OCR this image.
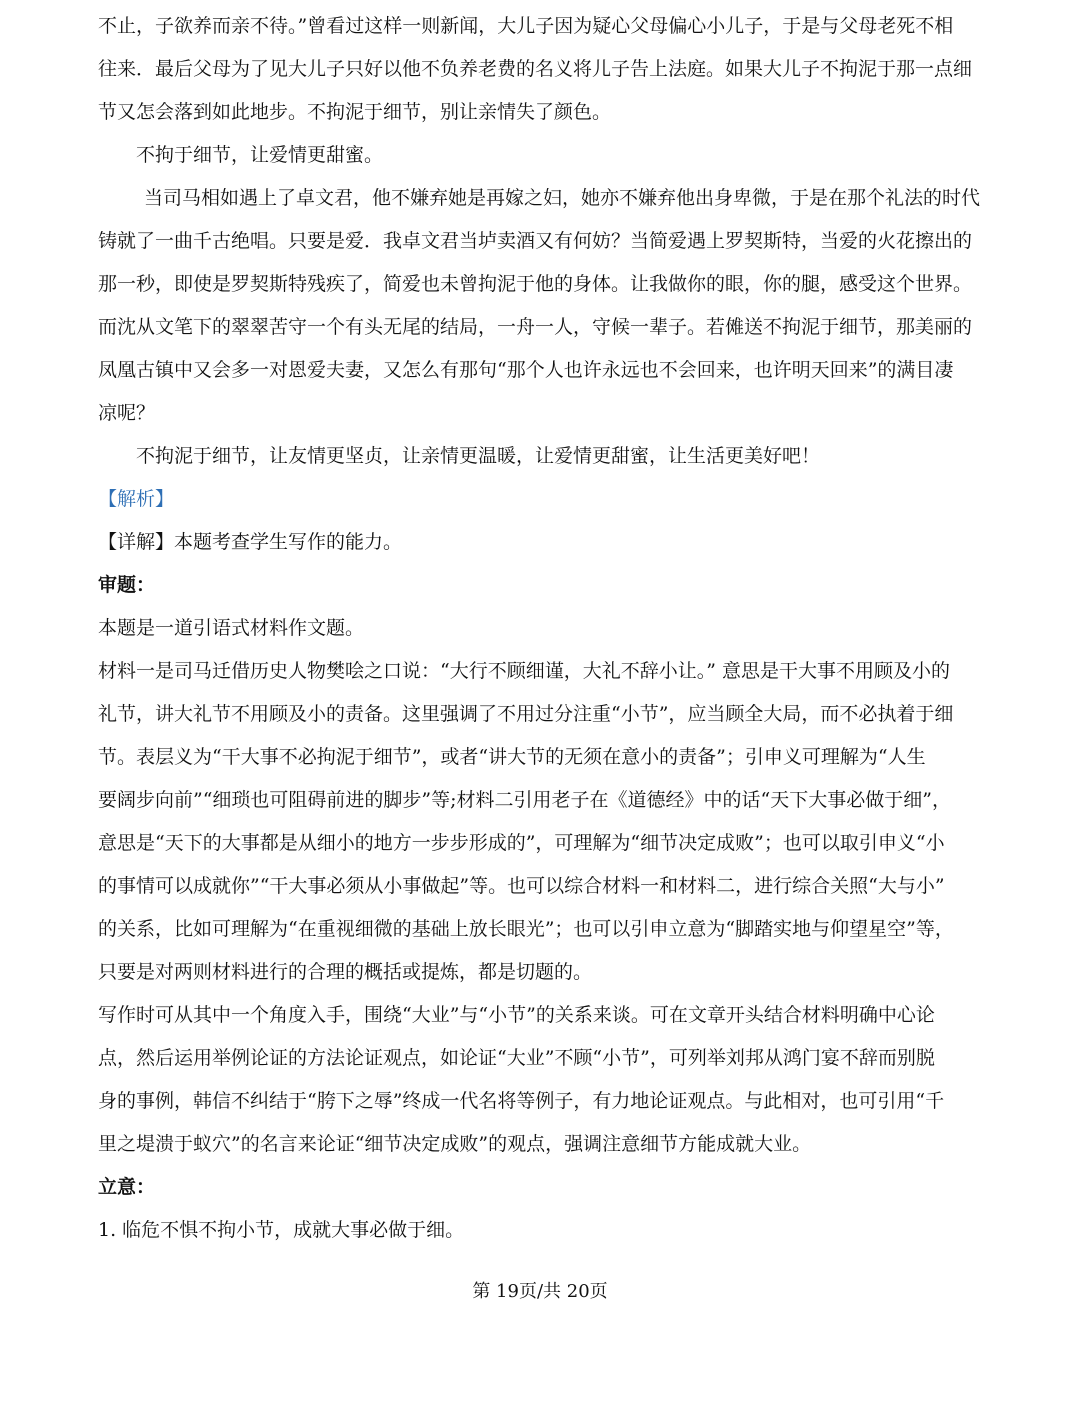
不止，子欲养而亲不待。”曾看过这样一则新闻，大儿子因为疑心父母偏心小儿子，于是与父母老死不相
往来．最后父母为了见大儿子只好以他不负养老费的名义将儿子告上法庭。如果大儿子不拘泥于那一点细
节又怎会落到如此地步。不拘泥于细节，别让亲情失了颜色。
不拘于细节，让爱情更甜蜜。
当司马相如遇上了卓文君，他不嫌弃她是再嫁之妇，她亦不嫌弃他出身卑微，于是在那个礼法的时代
铸就了一曲千古绝唱。只要是爱．我卓文君当垆卖酒又有何妨？当简爱遇上罗契斯特，当爱的火花擦出的
那一秒，即使是罗契斯特残疾了，简爱也未曾拘泥于他的身体。让我做你的眼，你的腿，感受这个世界。
而沈从文笔下的翠翠苦守一个有头无尾的结局，一舟一人，守候一辈子。若傩送不拘泥于细节，那美丽的
凤凰古镇中又会多一对恩爱夫妻，又怎么有那句“那个人也许永远也不会回来，也许明天回来”的满目凄
凉呢？
不拘泥于细节，让友情更坚贞，让亲情更温暖，让爱情更甜蜜，让生活更美好吧！
【解析】
【详解】本题考查学生写作的能力。
审题：
本题是一道引语式材料作文题。
材料一是司马迁借历史人物樊哙之口说：“大行不顾细谨，大礼不辞小让。” 意思是干大事不用顾及小的
礼节，讲大礼节不用顾及小的责备。这里强调了不用过分注重“小节”，应当顾全大局，而不必执着于细
节。表层义为“干大事不必拘泥于细节”，或者“讲大节的无须在意小的责备”；引申义可理解为“人生
要阔步向前”“细琐也可阻碍前进的脚步”等;材料二引用老子在《道德经》中的话“天下大事必做于细”，
意思是“天下的大事都是从细小的地方一步步形成的”，可理解为“细节决定成败”；也可以取引申义“小
的事情可以成就你”“干大事必须从小事做起”等。也可以综合材料一和材料二，进行综合关照“大与小”
的关系，比如可理解为“在重视细微的基础上放长眼光”；也可以引申立意为“脚踏实地与仰望星空”等，
只要是对两则材料进行的合理的概括或提炼，都是切题的。
写作时可从其中一个角度入手，围绕“大业”与“小节”的关系来谈。可在文章开头结合材料明确中心论
点，然后运用举例论证的方法论证观点，如论证“大业”不顾“小节”，可列举刘邦从鸿门宴不辞而别脱
身的事例，韩信不纠结于“胯下之辱”终成一代名将等例子，有力地论证观点。与此相对，也可引用“千
里之堤溃于蚁穴”的名言来论证“细节决定成败”的观点，强调注意细节方能成就大业。
立意：
1. 临危不惧不拘小节，成就大事必做于细。
第 19页/共 20页
